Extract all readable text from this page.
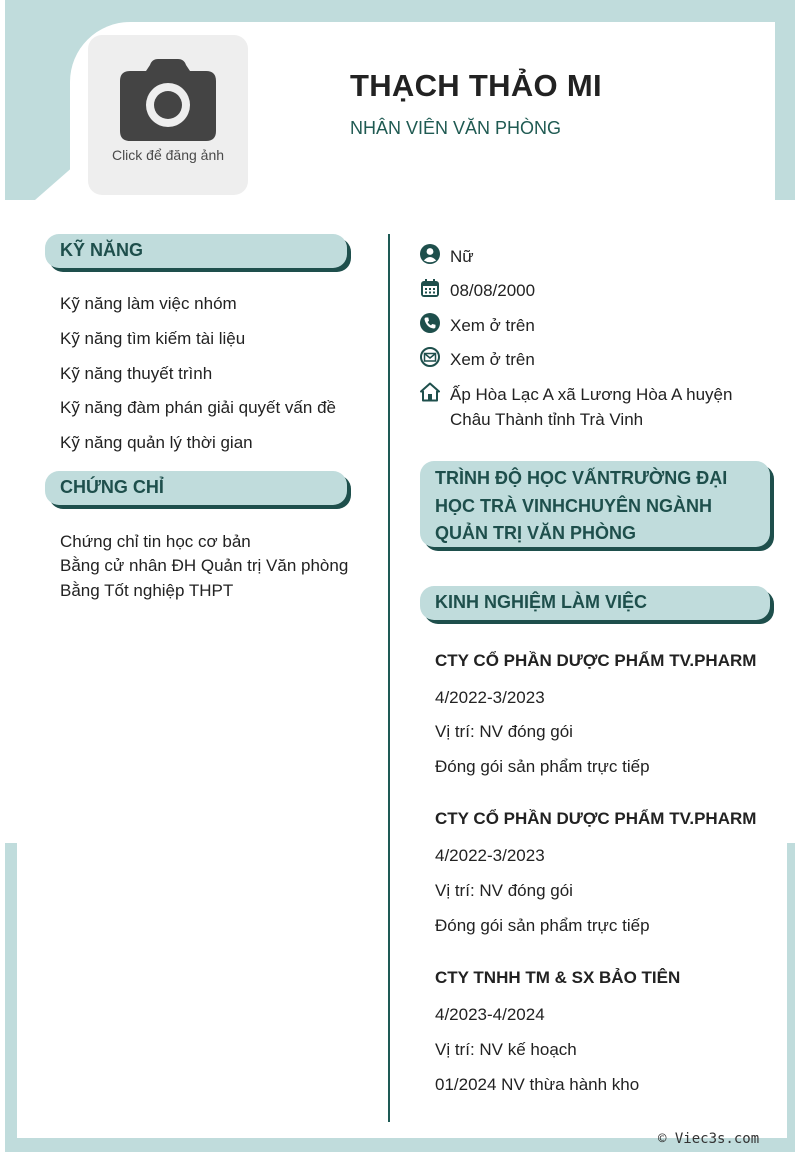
Click để đăng ảnh
THẠCH THẢO MI
NHÂN VIÊN VĂN PHÒNG
KỸ NĂNG
Kỹ năng làm việc nhóm
Kỹ năng tìm kiếm tài liệu
Kỹ năng thuyết trình
Kỹ năng đàm phán giải quyết vấn đề
Kỹ năng quản lý thời gian
CHỨNG CHỈ
Chứng chỉ tin học cơ bản
Bằng cử nhân ĐH Quản trị Văn phòng
Bằng Tốt nghiệp THPT
Nữ
08/08/2000
Xem ở trên
Xem ở trên
Ấp Hòa Lạc A xã Lương Hòa A huyện
Châu Thành tỉnh Trà Vinh
TRÌNH ĐỘ HỌC VẤNTRƯỜNG ĐẠI HỌC TRÀ VINHCHUYÊN NGÀNH QUẢN TRỊ VĂN PHÒNG
KINH NGHIỆM LÀM VIỆC
CTY CỔ PHẦN DƯỢC PHẨM TV.PHARM
4/2022-3/2023
Vị trí: NV đóng gói
Đóng gói sản phẩm trực tiếp
CTY CỔ PHẦN DƯỢC PHẨM TV.PHARM
4/2022-3/2023
Vị trí: NV đóng gói
Đóng gói sản phẩm trực tiếp
CTY TNHH TM & SX BẢO TIÊN
4/2023-4/2024
Vị trí: NV kế hoạch
01/2024 NV thừa hành kho
© Viec3s.com
